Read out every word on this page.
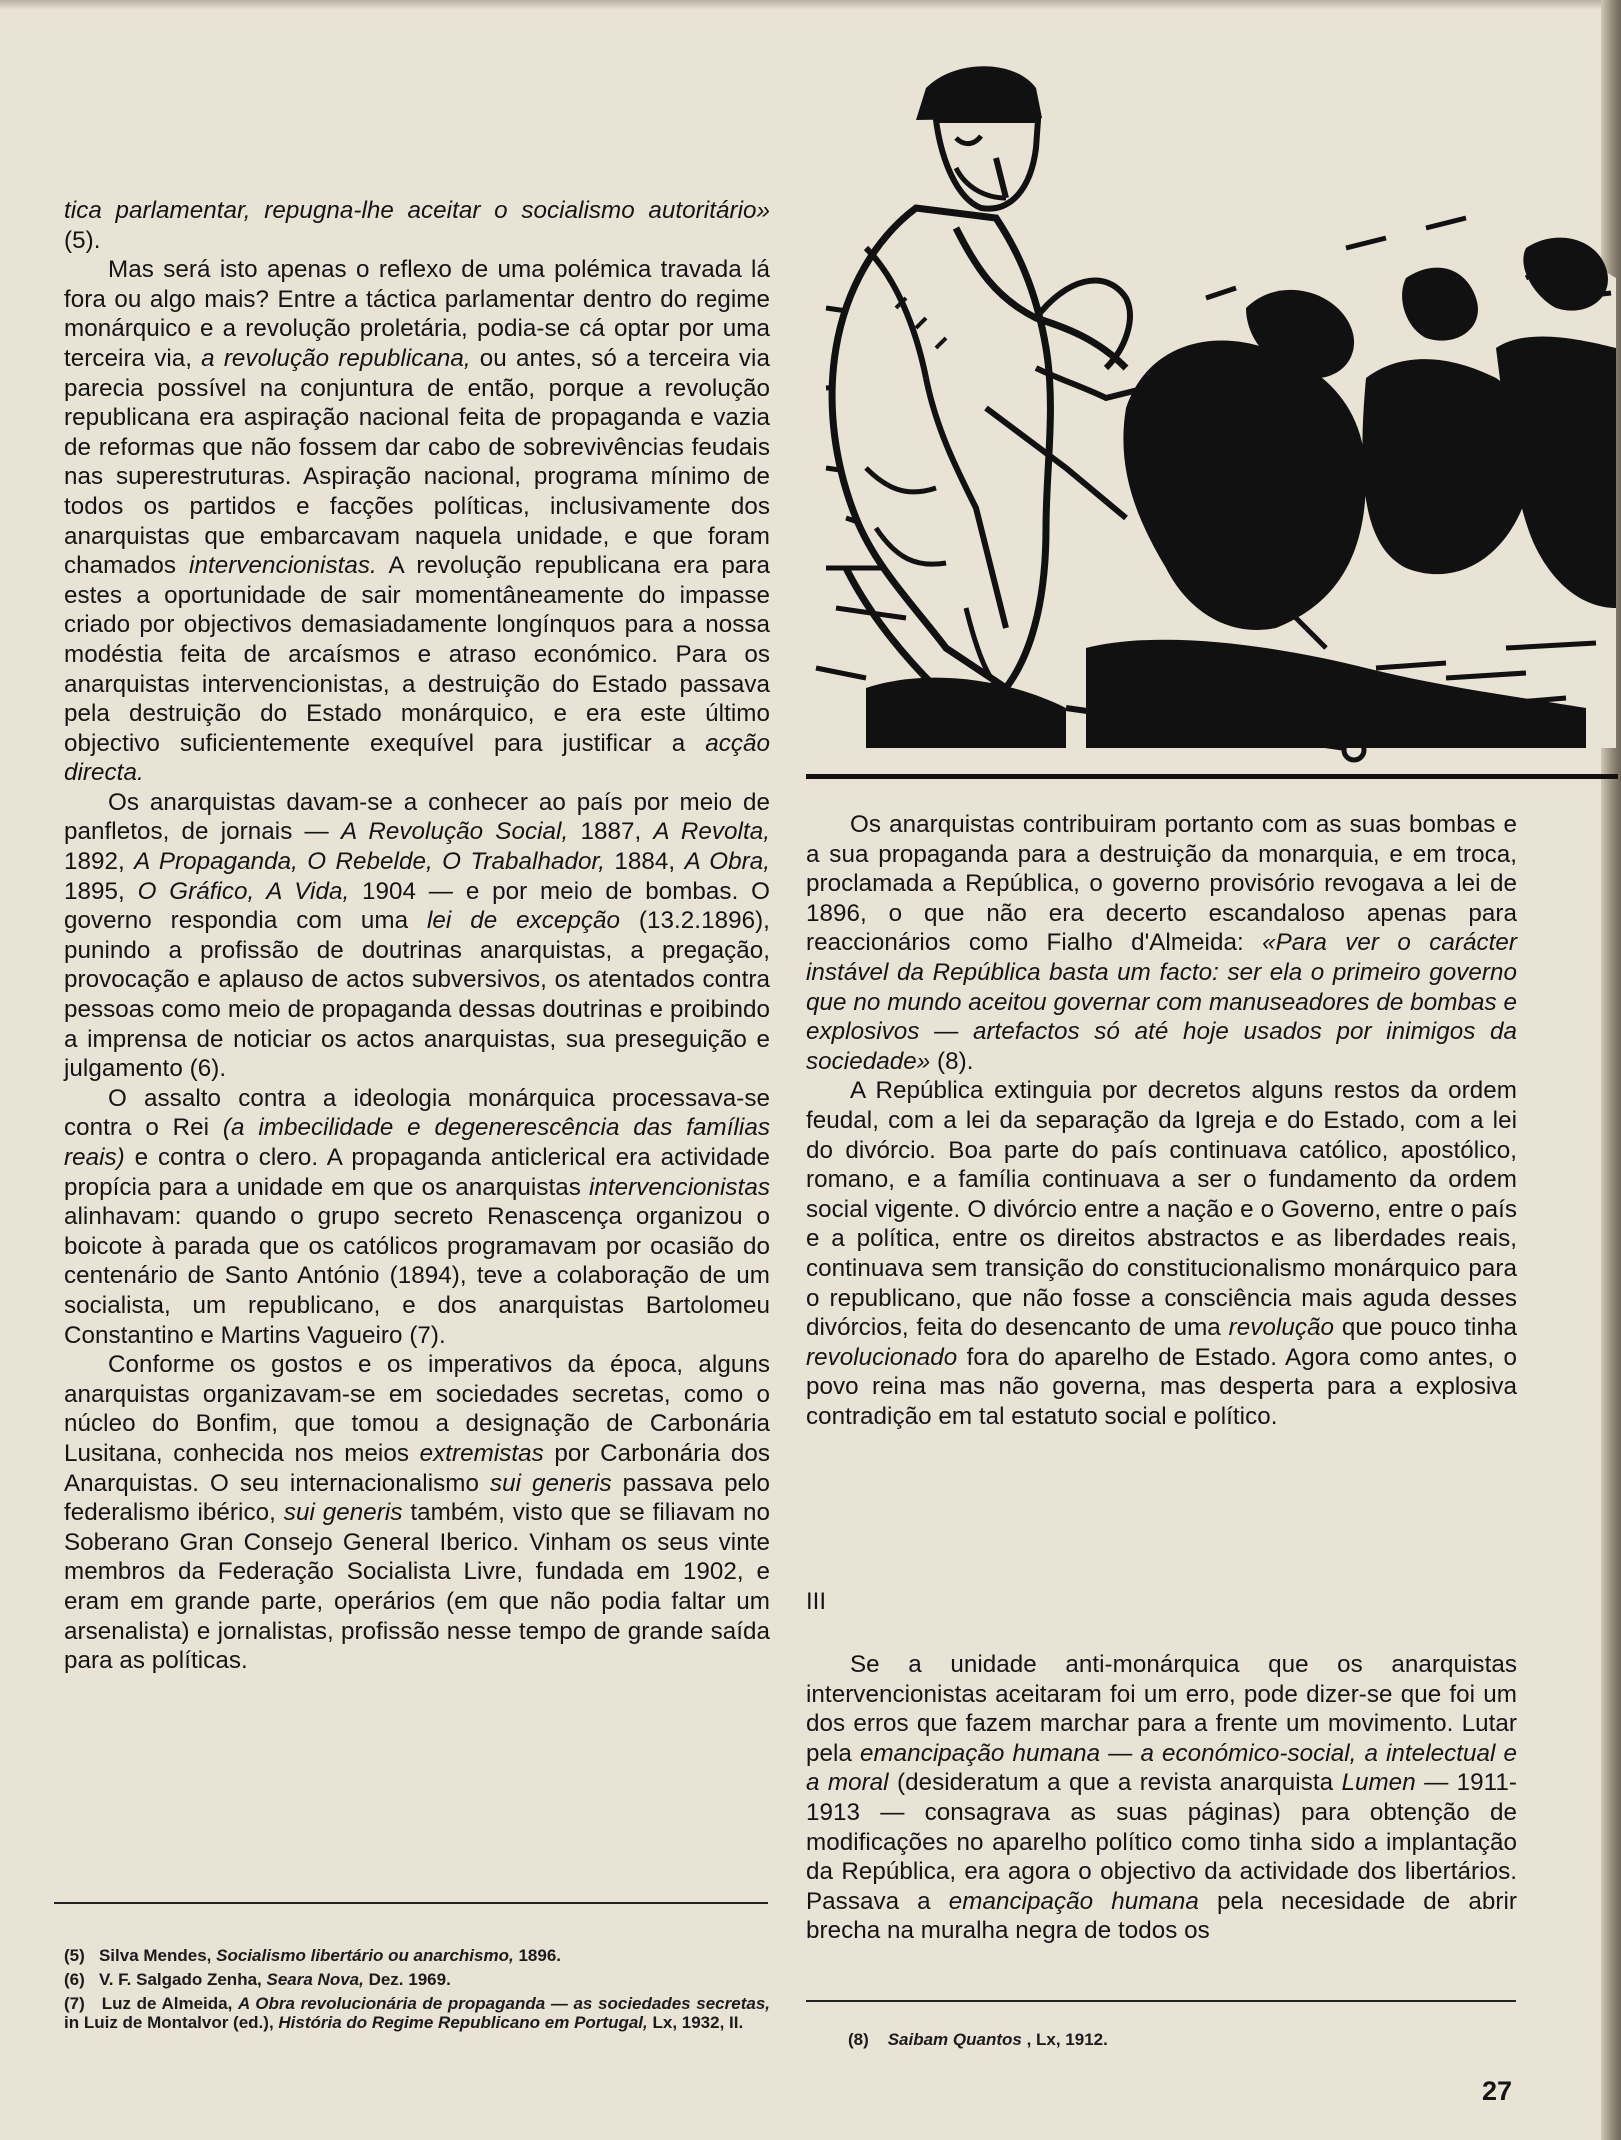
tica parlamentar, repugna-lhe aceitar o socialismo autoritário» (5).

Mas será isto apenas o reflexo de uma polémica travada lá fora ou algo mais? Entre a táctica parlamentar dentro do regime monárquico e a revolução proletária, podia-se cá optar por uma terceira via, a revolução republicana, ou antes, só a terceira via parecia possível na conjuntura de então, porque a revolução republicana era aspiração nacional feita de propaganda e vazia de reformas que não fossem dar cabo de sobrevivências feudais nas superestruturas. Aspiração nacional, programa mínimo de todos os partidos e facções políticas, inclusivamente dos anarquistas que embarcavam naquela unidade, e que foram chamados intervencionistas. A revolução republicana era para estes a oportunidade de sair momentâneamente do impasse criado por objectivos demasiadamente longínquos para a nossa modéstia feita de arcaísmos e atraso económico. Para os anarquistas intervencionistas, a destruição do Estado passava pela destruição do Estado monárquico, e era este último objectivo suficientemente exequível para justificar a acção directa.

Os anarquistas davam-se a conhecer ao país por meio de panfletos, de jornais — A Revolução Social, 1887, A Revolta, 1892, A Propaganda, O Rebelde, O Trabalhador, 1884, A Obra, 1895, O Gráfico, A Vida, 1904 — e por meio de bombas. O governo respondia com uma lei de excepção (13.2.1896), punindo a profissão de doutrinas anarquistas, a pregação, provocação e aplauso de actos subversivos, os atentados contra pessoas como meio de propaganda dessas doutrinas e proibindo a imprensa de noticiar os actos anarquistas, sua preseguição e julgamento (6).

O assalto contra a ideologia monárquica processava-se contra o Rei (a imbecilidade e degenerescência das famílias reais) e contra o clero. A propaganda anticlerical era actividade propícia para a unidade em que os anarquistas intervencionistas alinhavam: quando o grupo secreto Renascença organizou o boicote à parada que os católicos programavam por ocasião do centenário de Santo António (1894), teve a colaboração de um socialista, um republicano, e dos anarquistas Bartolomeu Constantino e Martins Vagueiro (7).

Conforme os gostos e os imperativos da época, alguns anarquistas organizavam-se em sociedades secretas, como o núcleo do Bonfim, que tomou a designação de Carbonária Lusitana, conhecida nos meios extremistas por Carbonária dos Anarquistas. O seu internacionalismo sui generis passava pelo federalismo ibérico, sui generis também, visto que se filiavam no Soberano Gran Consejo General Iberico. Vinham os seus vinte membros da Federação Socialista Livre, fundada em 1902, e eram em grande parte, operários (em que não podia faltar um arsenalista) e jornalistas, profissão nesse tempo de grande saída para as políticas.

Os anarquistas contribuiram portanto com as suas bombas e a sua propaganda para a destruição da monarquia, e em troca, proclamada a República, o governo provisório revogava a lei de 1896, o que não era decerto escandaloso apenas para reaccionários como Fialho d'Almeida: «Para ver o carácter instável da República basta um facto: ser ela o primeiro governo que no mundo aceitou governar com manuseadores de bombas e explosivos — artefactos só até hoje usados por inimigos da sociedade» (8).

A República extinguia por decretos alguns restos da ordem feudal, com a lei da separação da Igreja e do Estado, com a lei do divórcio. Boa parte do país continuava católico, apostólico, romano, e a família continuava a ser o fundamento da ordem social vigente. O divórcio entre a nação e o Governo, entre o país e a política, entre os direitos abstractos e as liberdades reais, continuava sem transição do constitucionalismo monárquico para o republicano, que não fosse a consciência mais aguda desses divórcios, feita do desencanto de uma revolução que pouco tinha revolucionado fora do aparelho de Estado. Agora como antes, o povo reina mas não governa, mas desperta para a explosiva contradição em tal estatuto social e político.

III

Se a unidade anti-monárquica que os anarquistas intervencionistas aceitaram foi um erro, pode dizer-se que foi um dos erros que fazem marchar para a frente um movimento. Lutar pela emancipação humana — a económico-social, a intelectual e a moral (desideratum a que a revista anarquista Lumen — 1911-1913 — consagrava as suas páginas) para obtenção de modificações no aparelho político como tinha sido a implantação da República, era agora o objectivo da actividade dos libertários. Passava a emancipação humana pela necesidade de abrir brecha na muralha negra de todos os

(5) Silva Mendes, Socialismo libertário ou anarchismo, 1896.
(6) V. F. Salgado Zenha, Seara Nova, Dez. 1969.
(7) Luz de Almeida, A Obra revolucionária de propaganda — as sociedades secretas, in Luiz de Montalvor (ed.), História do Regime Republicano em Portugal, Lx, 1932, II.
(8) Saibam Quantos , Lx, 1912.
27
